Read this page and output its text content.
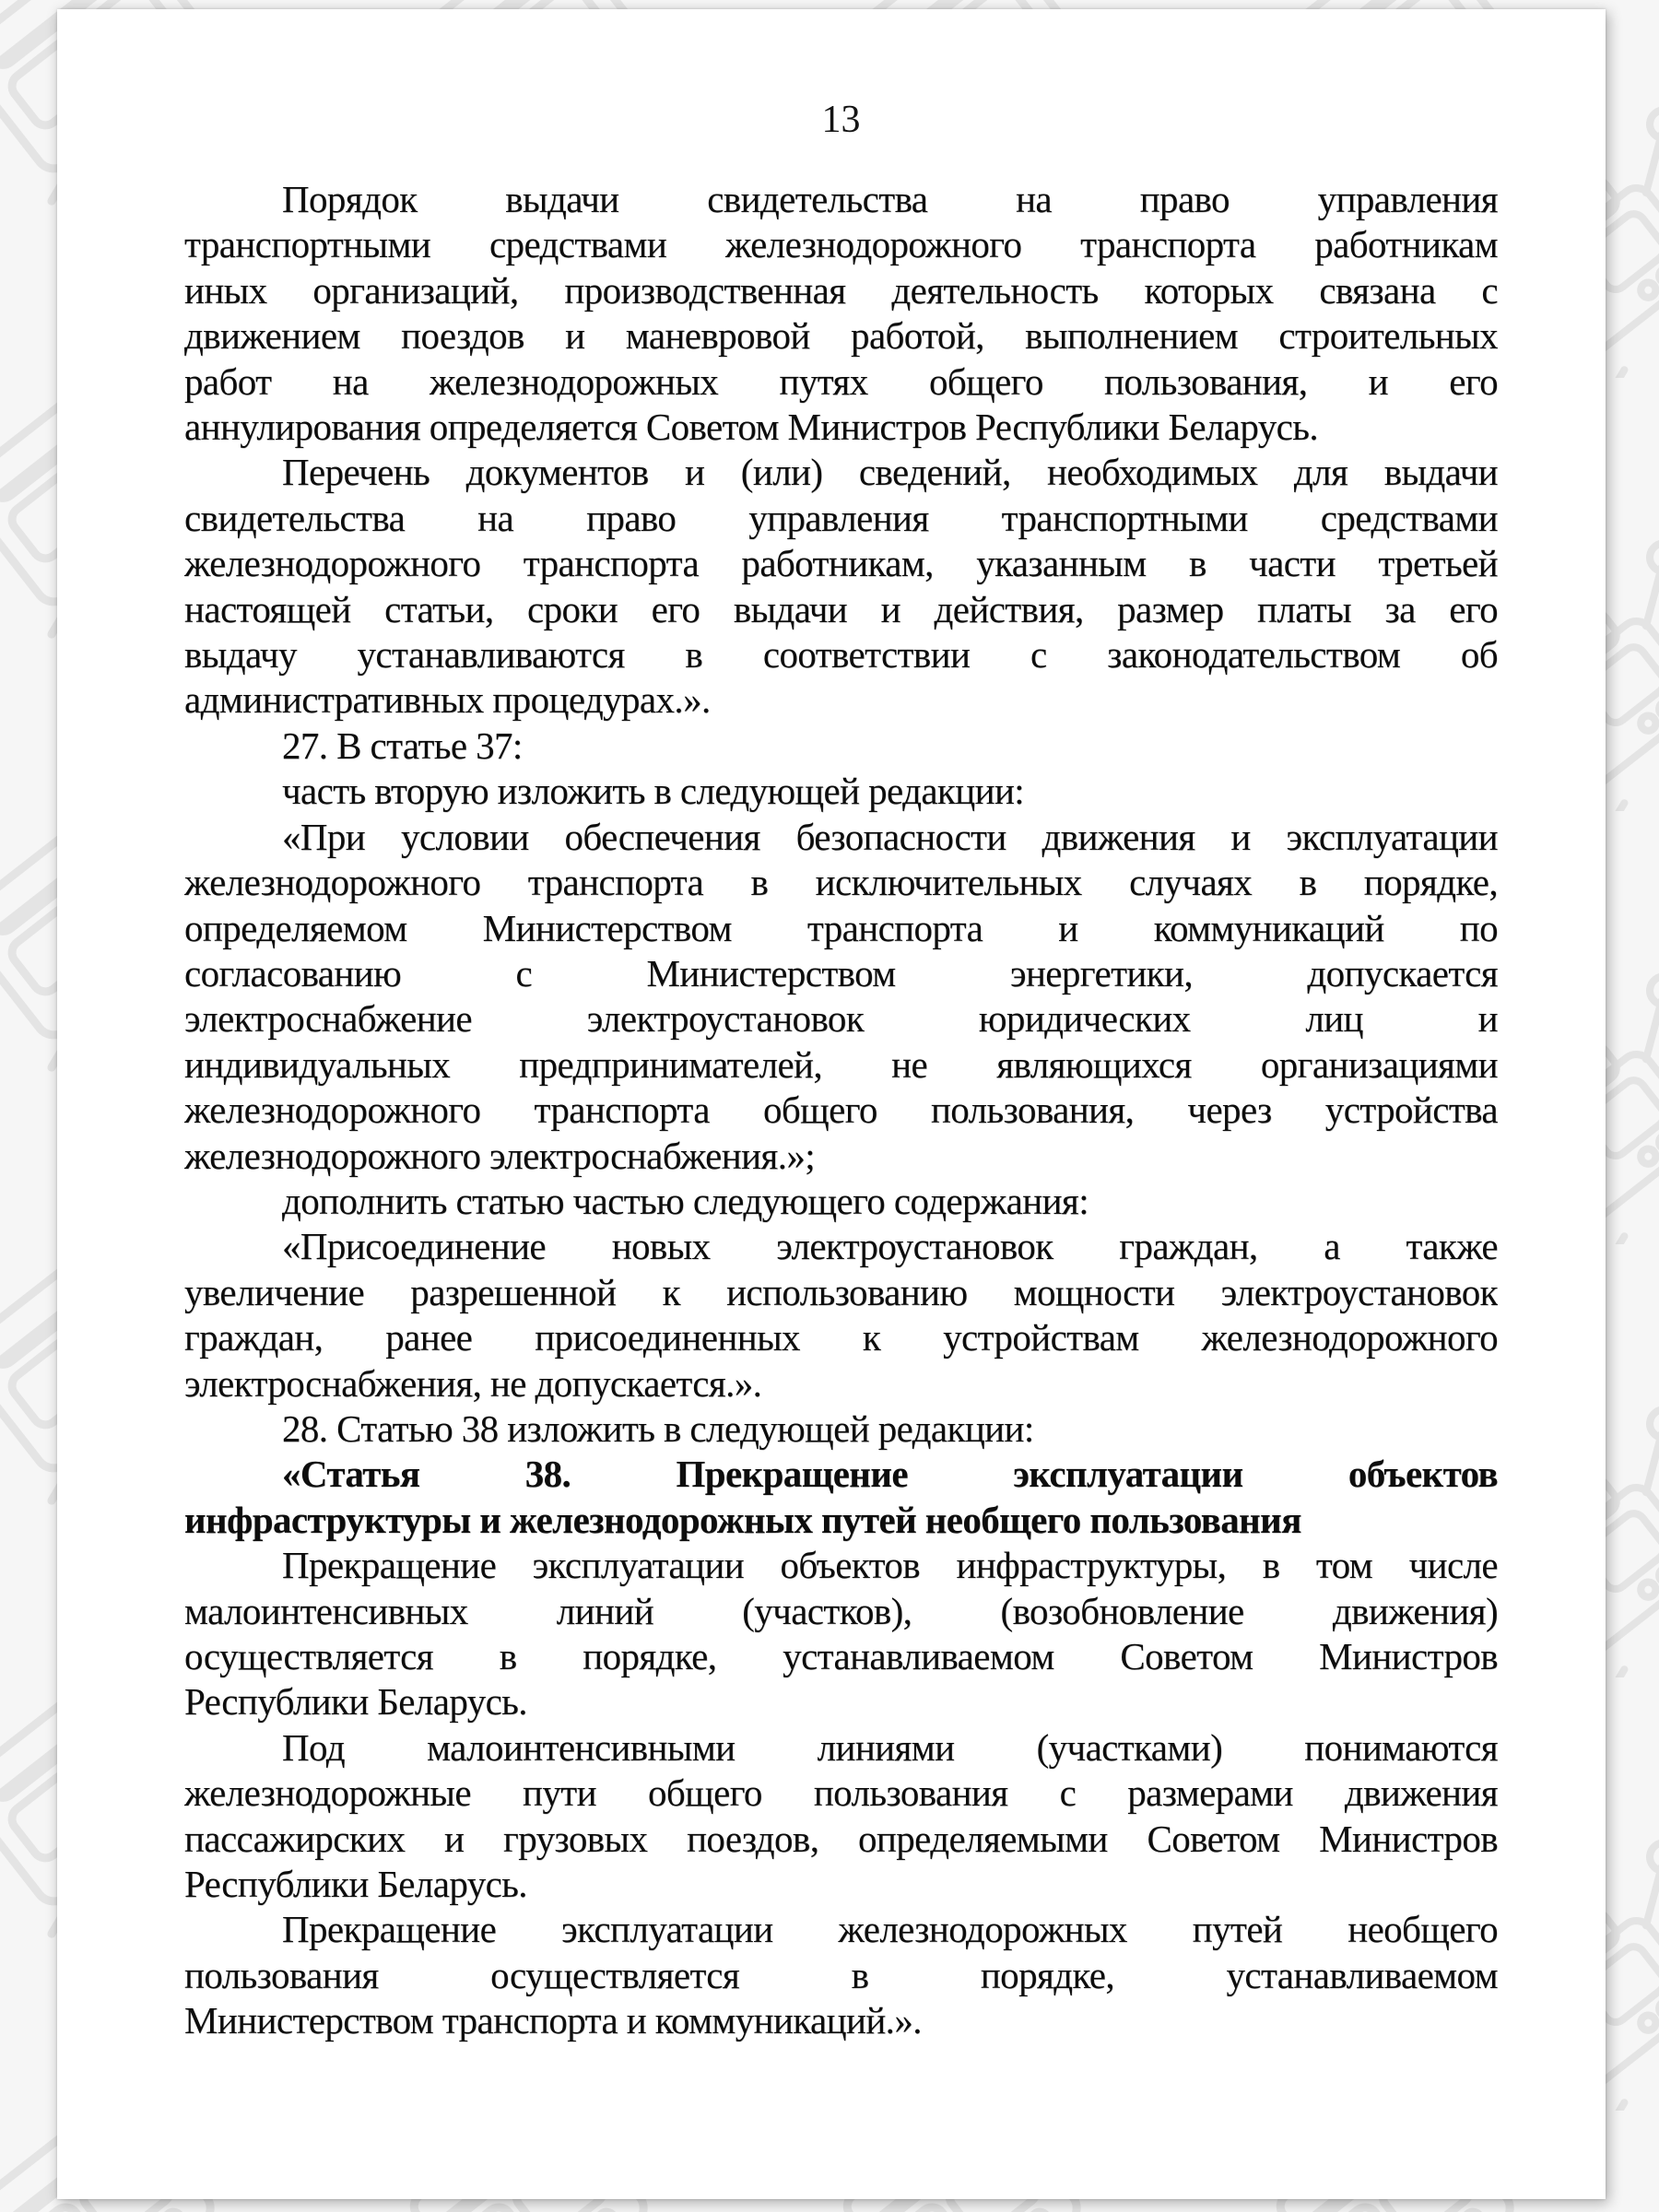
13
Порядок выдачи свидетельства на право управления
транспортными средствами железнодорожного транспорта работникам
иных организаций, производственная деятельность которых связана с
движением поездов и маневровой работой, выполнением строительных
работ на железнодорожных путях общего пользования, и его
аннулирования определяется Советом Министров Республики Беларусь.
Перечень документов и (или) сведений, необходимых для выдачи
свидетельства на право управления транспортными средствами
железнодорожного транспорта работникам, указанным в части третьей
настоящей статьи, сроки его выдачи и действия, размер платы за его
выдачу устанавливаются в соответствии с законодательством об
административных процедурах.».
27. В статье 37:
часть вторую изложить в следующей редакции:
«При условии обеспечения безопасности движения и эксплуатации
железнодорожного транспорта в исключительных случаях в порядке,
определяемом Министерством транспорта и коммуникаций по
согласованию с Министерством энергетики, допускается
электроснабжение электроустановок юридических лиц и
индивидуальных предпринимателей, не являющихся организациями
железнодорожного транспорта общего пользования, через устройства
железнодорожного электроснабжения.»;
дополнить статью частью следующего содержания:
«Присоединение новых электроустановок граждан, а также
увеличение разрешенной к использованию мощности электроустановок
граждан, ранее присоединенных к устройствам железнодорожного
электроснабжения, не допускается.».
28. Статью 38 изложить в следующей редакции:
«Статья 38. Прекращение эксплуатации объектов
инфраструктуры и железнодорожных путей необщего пользования
Прекращение эксплуатации объектов инфраструктуры, в том числе
малоинтенсивных линий (участков), (возобновление движения)
осуществляется в порядке, устанавливаемом Советом Министров
Республики Беларусь.
Под малоинтенсивными линиями (участками) понимаются
железнодорожные пути общего пользования с размерами движения
пассажирских и грузовых поездов, определяемыми Советом Министров
Республики Беларусь.
Прекращение эксплуатации железнодорожных путей необщего
пользования осуществляется в порядке, устанавливаемом
Министерством транспорта и коммуникаций.».
